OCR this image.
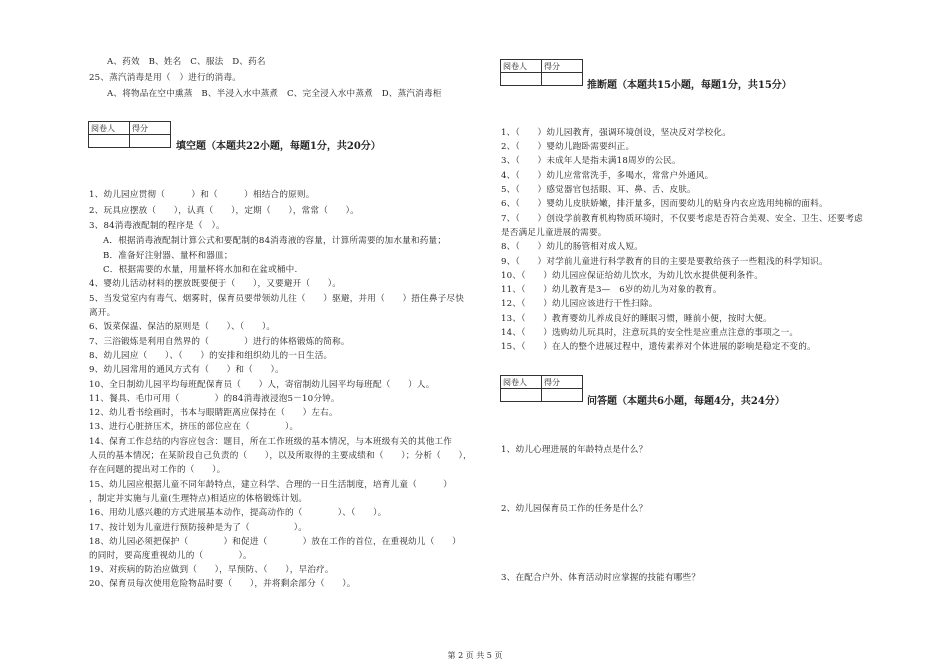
A、药效　B、姓名　C、服法　D、药名
25、蒸汽消毒是用（　）进行的消毒。
A、将物品在空中熏蒸　B、半浸入水中蒸煮　C、完全浸入水中蒸煮　D、蒸汽消毒柜
阅卷人	得分

填空题（本题共22小题，每题1分，共20分）
1、幼儿园应贯彻（　　　）和（　　　）相结合的原则。
2、玩具应摆放（　　），认真（　　），定期（　　），常常（　　）。
3、84消毒液配制的程序是（　）。
A．根据消毒液配制计算公式和要配制的84消毒液的容量，计算所需要的加水量和药量；
B．准备好注射器、量杯和器皿；
C．根据需要的水量，用量杯将水加和在盆或桶中.
4、婴幼儿活动材料的摆放既要便于（　　），又要避开（　　）。
5、当发觉室内有毒气、烟雾时，保育员要带领幼儿往（　　）驱避，并用（　　）捂住鼻子尽快
离开。
6、饭菜保温、保洁的原则是（　　）、（　　）。
7、三浴锻炼是利用自然界的（　　　　）进行的体格锻炼的简称。
8、幼儿园应（　　）、（　　）的安排和组织幼儿的一日生活。
9、幼儿园常用的通风方式有（　　）和（　　）。
10、全日制幼儿园平均每班配保育员（　　）人，寄宿制幼儿园平均每班配（　　）人。
11、餐具、毛巾可用（　　　　）的84消毒液浸泡5－10分钟。
12、幼儿看书绘画时，书本与眼睛距离应保持在（　　）左右。
13、进行心脏挤压术，挤压的部位应在（　　　　）。
14、保育工作总结的内容应包含：题目，所在工作班级的基本情况，与本班级有关的其他工作
人员的基本情况；在某阶段自己负责的（　　），以及所取得的主要成绩和（　　）；分析（　　），
存在问题的提出对工作的（　　）。
15、幼儿园应根据儿童不同年龄特点，建立科学、合理的一日生活制度，培育儿童（　　　）
，制定并实施与儿童(生理特点)相适应的体格锻炼计划。
16、用幼儿感兴趣的方式进展基本动作，提高动作的（　　　　）、（　　）。
17、按计划为儿童进行预防接种是为了（　　　　　）。
18、幼儿园必须把保护（　　　　）和促进（　　　　）放在工作的首位，在重视幼儿（　　）
的同时，要高度重视幼儿的（　　　　）。
19、对疾病的防治应做到（　　），早预防、（　　），早治疗。
20、保育员每次使用危险物品时要（　　），并将剩余部分（　　）。
阅卷人	得分

推断题（本题共15小题，每题1分，共15分）
1、（　　）幼儿园教育，强调环境创设，坚决反对学校化。
2、（　　）婴幼儿跑卧需要纠正。
3、（　　）未成年人是指未满18周岁的公民。
4、（　　）幼儿应常常洗手，多喝水，常常户外通风。
5、（　　）感觉器官包括眼、耳、鼻、舌、皮肤。
6、（　　）婴幼儿皮肤娇嫩，排汗量多，因而要幼儿的贴身内衣应选用纯棉的面料。
7、（　　）创设学前教育机构物质环境时，不仅要考虑是否符合美观、安全、卫生、还要考虑
是否满足儿童进展的需要。
8、（　　）幼儿的肠管相对成人短。
9、（　　）对学前儿童进行科学教育的目的主要是要教给孩子一些粗浅的科学知识。
10、（　　）幼儿园应保证给幼儿饮水，为幼儿饮水提供便利条件。
11、（　　）幼儿教育是3—　6岁的幼儿为对象的教育。
12、（　　）幼儿园应该进行干性扫除。
13、（　　）教育婴幼儿养成良好的睡眠习惯，睡前小便，按时大便。
14、（　　）选购幼儿玩具时，注意玩具的安全性是应重点注意的事项之一。
15、（　　）在人的整个进展过程中，遗传素养对个体进展的影响是稳定不变的。
阅卷人	得分

问答题（本题共6小题，每题4分，共24分）
1、幼儿心理进展的年龄特点是什么？
2、幼儿园保育员工作的任务是什么？
3、在配合户外、体育活动时应掌握的技能有哪些？
第 2 页 共 5 页
